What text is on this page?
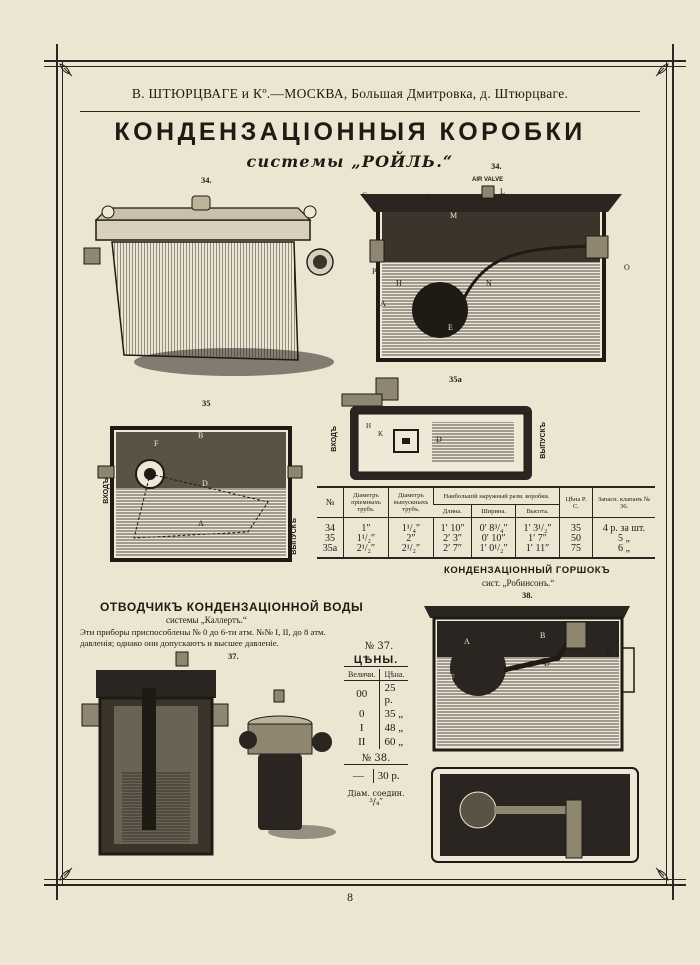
В. ШТЮРЦВАГЕ и Кº.—МОСКВА, Большая Дмитровка, д. Штюрцваге.
КОНДЕНЗАЦІОННЫЯ КОРОБКИ
системы „РОЙЛЬ.“
34.
34.
AIR VALVE
C	B
L
M
P
A
N
H
O
E
35a
35
ВХОДЪ
ВЫПУСКЪ
B
D
A
F	ВХОДЪ	ВЫПУСКЪ
D
H
K
№	Діаметръ пріемныхъ трубъ.	Діаметръ выпускныхъ трубъ.	Наибольшій наружный разм. коробки.			Цѣна Р. С.	Запасн. клапанъ № 36.
			Длина.	Ширина.	Высота.		
34	1″	1¹/₄″	1′ 10″	0′ 8³/₄″	1′ 3¹/₂″	35	4 р. за шт.
35	1¹/₂″	2″	2′ 3″	0′ 10″	1′ 7″	50	5 „
35a	2¹/₂″	2¹/₂″	2′ 7″	1′ 0¹/₂″	1′ 11″	75	6 „
КОНДЕНЗАЦІОННЫЙ ГОРШОКЪ
сист. „Робинсонъ.“
38.
A
B
D
E
F
ОТВОДЧИКЪ КОНДЕНЗАЦІОННОЙ ВОДЫ
системы „Каллертъ.“
Эти приборы приспособлены № 0 до 6-ти атм. №№ I, II, до 8 атм. давленія; однако они допускаютъ и высшее давленіе.
37.
№ 37.
ЦѢНЫ.
Величи.	Цѣна.
00	25 р.
0	35 „
I	48 „
II	60 „
№ 38.
—	30 р.
Діам. соедин.
³/₄″
8
